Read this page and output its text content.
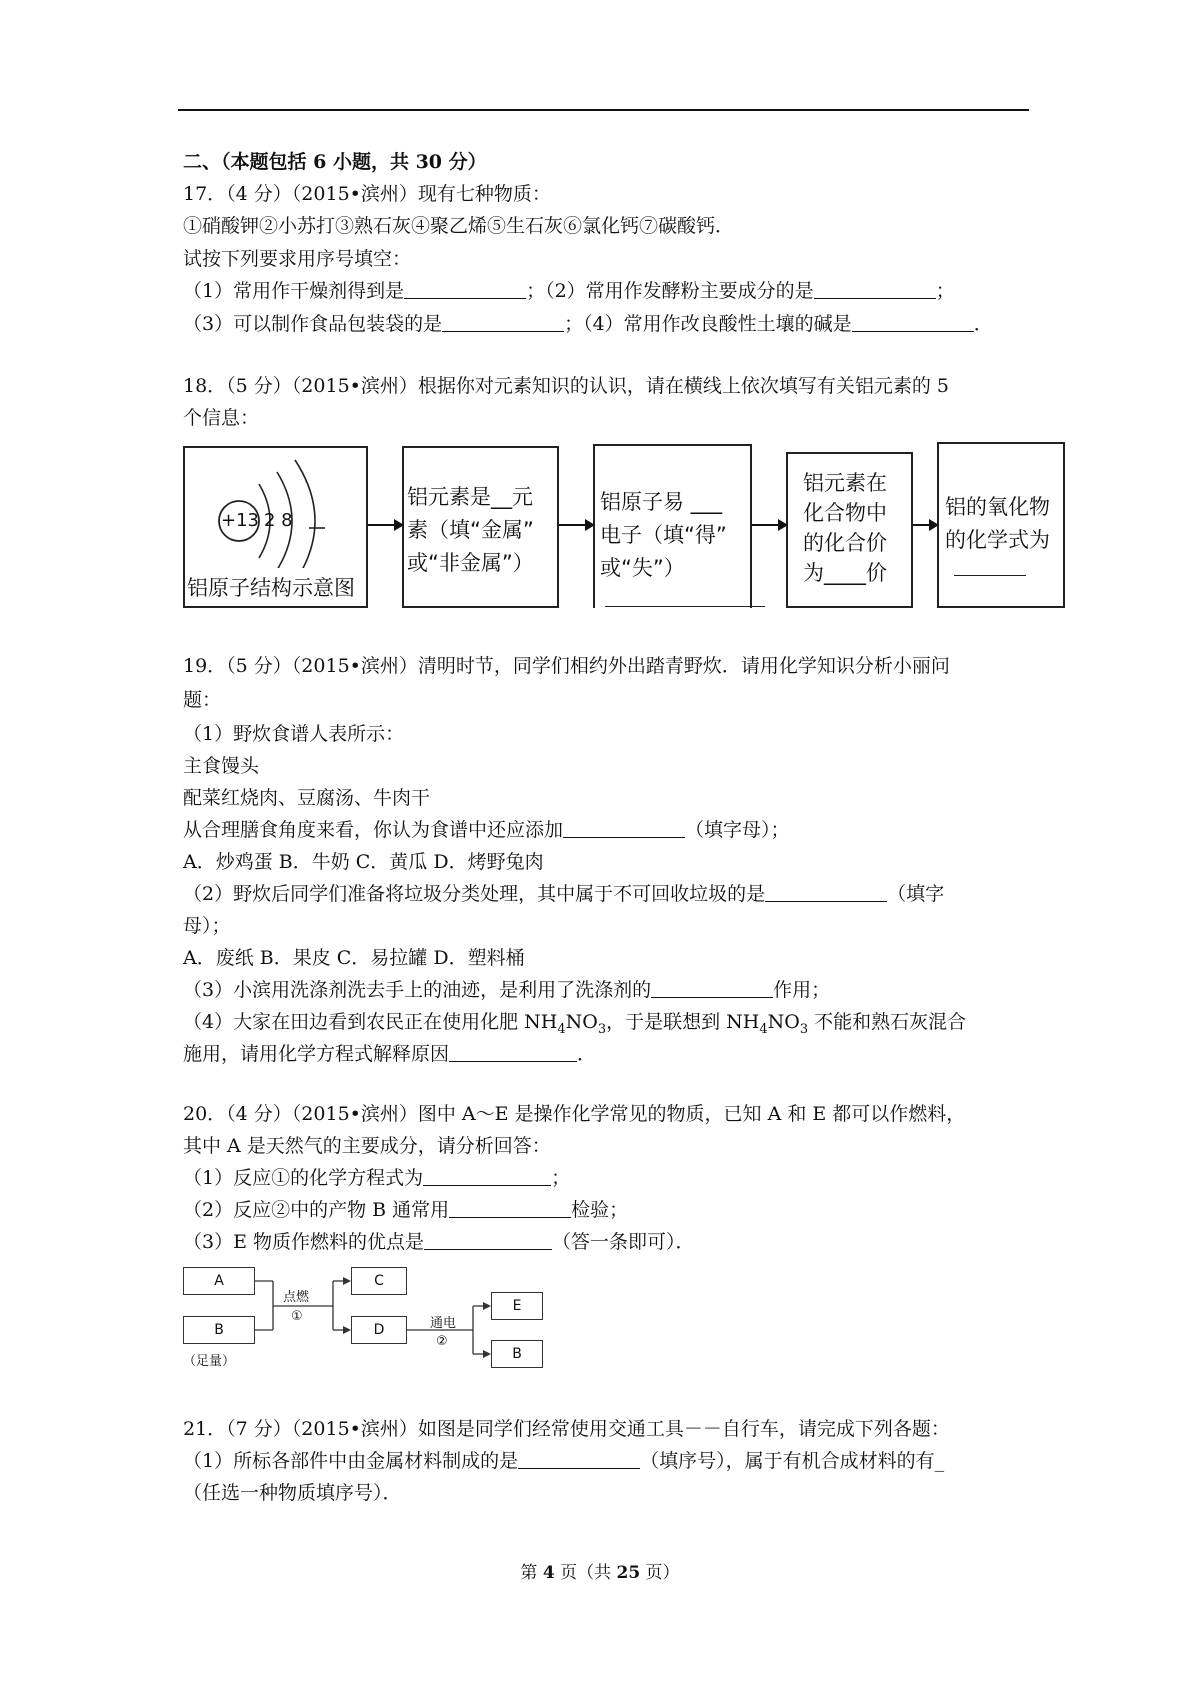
二、（本题包括 6 小题，共 30 分）
17．（4 分）（2015•滨州）现有七种物质：
①硝酸钾②小苏打③熟石灰④聚乙烯⑤生石灰⑥氯化钙⑦碳酸钙．
试按下列要求用序号填空：
（1）常用作干燥剂得到是	；（2）常用作发酵粉主要成分的是	；
（3）可以制作食品包装袋的是	；（4）常用作改良酸性土壤的碱是	．
18．（5 分）（2015•滨州）根据你对元素知识的认识，请在横线上依次填写有关铝元素的 5
个信息：
+13 2 8
铝原子结构示意图
铝元素是__元
素（填“金属”
或“非金属”）
铝原子易 ___
电子（填“得”
或“失”）
铝元素在
化合物中
的化合价
为____价
铝的氧化物
的化学式为
19．（5 分）（2015•滨州）清明时节，同学们相约外出踏青野炊．请用化学知识分析小丽问
题：
（1）野炊食谱人表所示：
主食馒头
配菜红烧肉、豆腐汤、牛肉干
从合理膳食角度来看，你认为食谱中还应添加	（填字母）；
A．炒鸡蛋 B．牛奶 C．黄瓜 D．烤野兔肉
（2）野炊后同学们准备将垃圾分类处理，其中属于不可回收垃圾的是	（填字
母）；
A．废纸 B．果皮 C．易拉罐 D．塑料桶
（3）小滨用洗涤剂洗去手上的油迹，是利用了洗涤剂的	作用；
（4）大家在田边看到农民正在使用化肥 $NH_4NO_3$，于是联想到 $NH_4NO_3$ 不能和熟石灰混合
施用，请用化学方程式解释原因	．
20．（4 分）（2015•滨州）图中 A～E 是操作化学常见的物质，已知 A 和 E 都可以作燃料，
其中 A 是天然气的主要成分，请分析回答：
（1）反应①的化学方程式为	；
（2）反应②中的产物 B 通常用	检验；
（3）E 物质作燃料的优点是	（答一条即可）．
A
B
（足量）
点燃
①
C
D	通电
②
E
B
21．（7 分）（2015•滨州）如图是同学们经常使用交通工具－－自行车，请完成下列各题：
（1）所标各部件中由金属材料制成的是	（填序号），属于有机合成材料的有_
（任选一种物质填序号）．
第 4 页（共 25 页）
